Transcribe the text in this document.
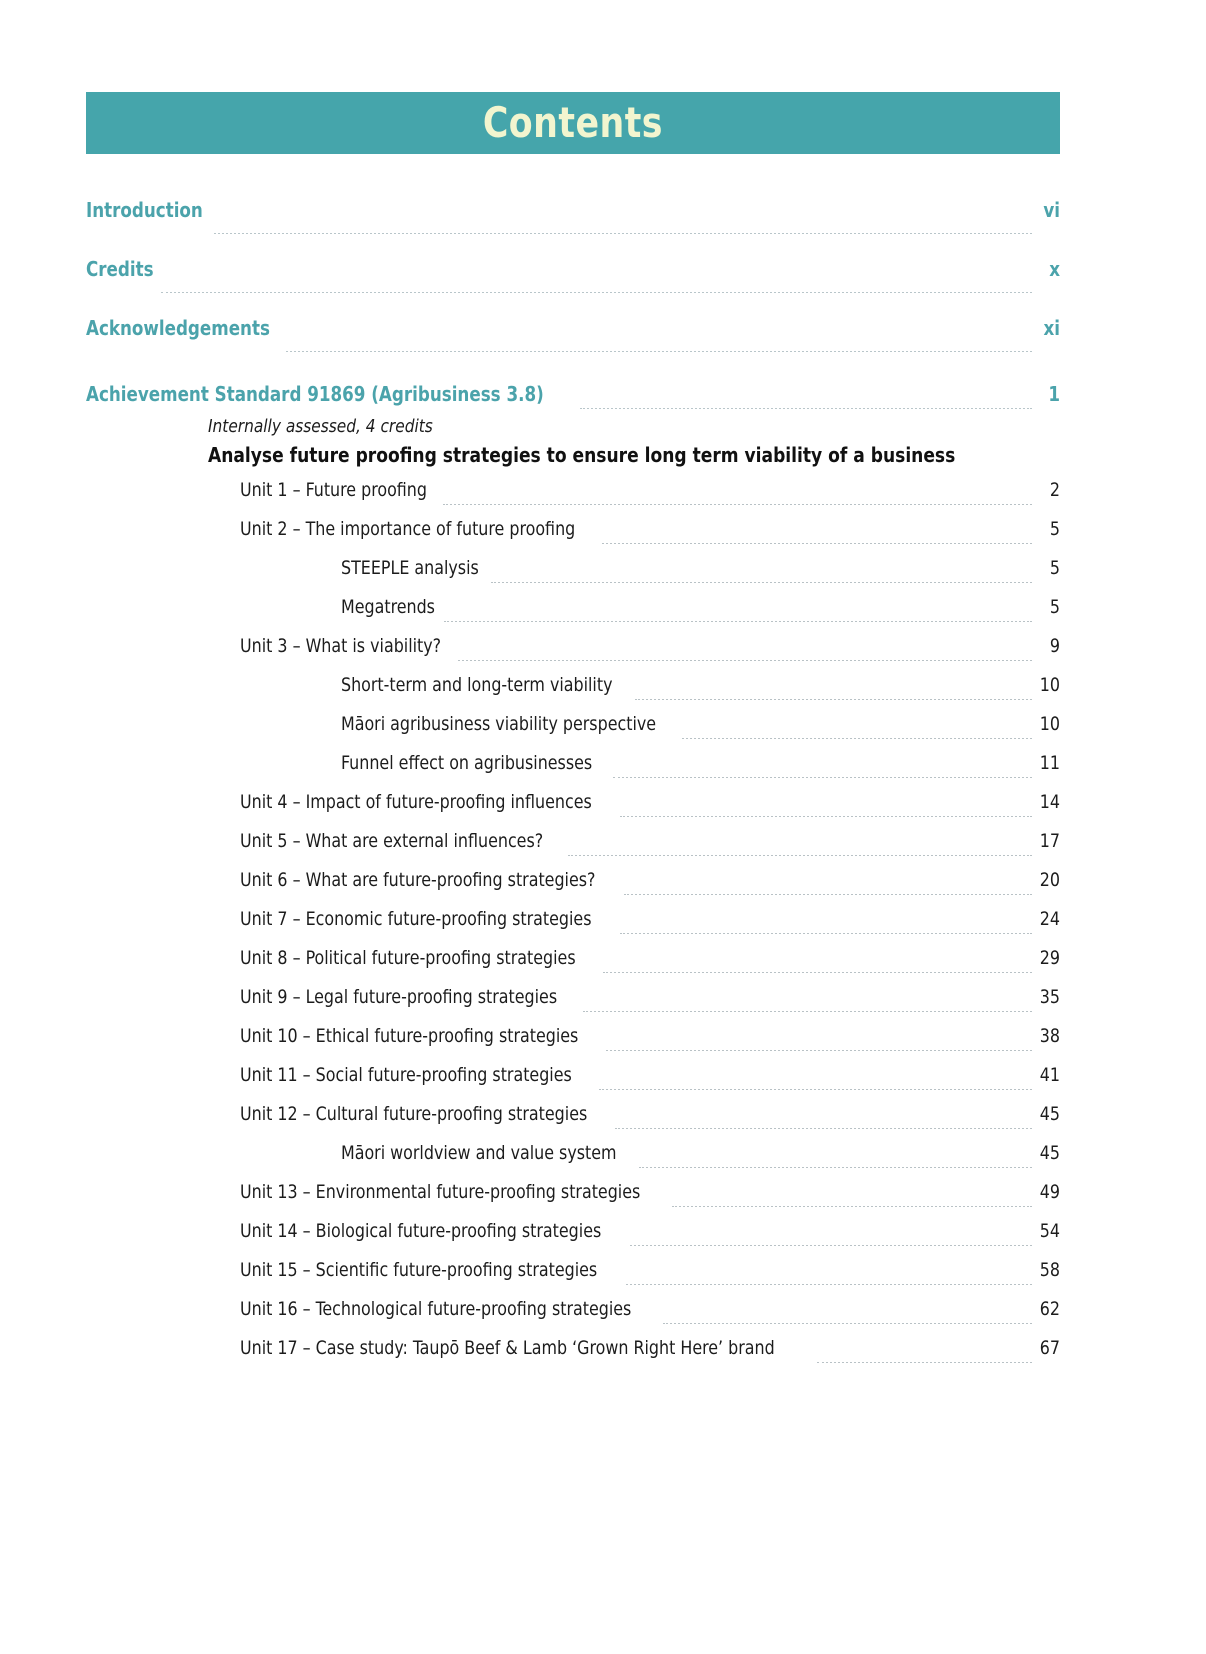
Contents
Introduction	vi
Credits	x
Acknowledgements	xi
Achievement Standard 91869 (Agribusiness 3.8)	1
Internally assessed, 4 credits
Analyse future proofing strategies to ensure long term viability of a business
Unit 1 – Future proofing	2
Unit 2 – The importance of future proofing	5
STEEPLE analysis	5
Megatrends	5
Unit 3 – What is viability?	9
Short-term and long-term viability	10
Māori agribusiness viability perspective	10
Funnel effect on agribusinesses	11
Unit 4 – Impact of future-proofing influences	14
Unit 5 – What are external influences?	17
Unit 6 – What are future-proofing strategies?	20
Unit 7 – Economic future-proofing strategies	24
Unit 8 – Political future-proofing strategies	29
Unit 9 – Legal future-proofing strategies	35
Unit 10 – Ethical future-proofing strategies	38
Unit 11 – Social future-proofing strategies	41
Unit 12 – Cultural future-proofing strategies	45
Māori worldview and value system	45
Unit 13 – Environmental future-proofing strategies	49
Unit 14 – Biological future-proofing strategies	54
Unit 15 – Scientific future-proofing strategies	58
Unit 16 – Technological future-proofing strategies	62
Unit 17 – Case study: Taupō Beef & Lamb ‘Grown Right Here’ brand	67
